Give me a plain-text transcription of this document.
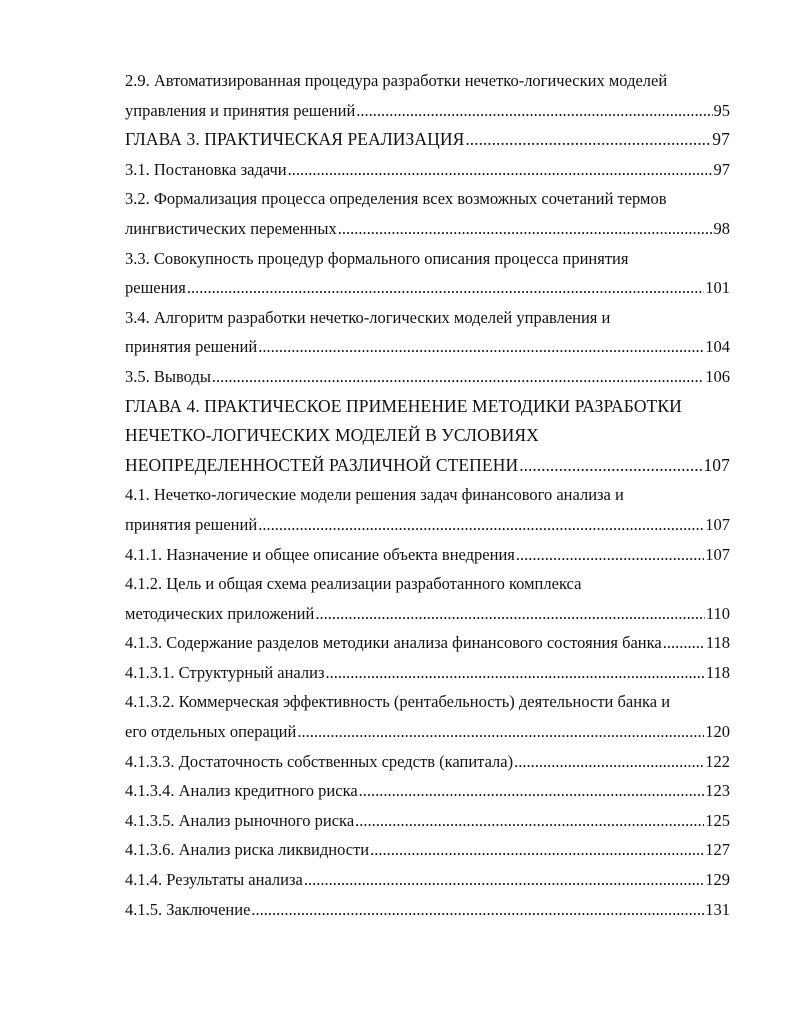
2.9. Автоматизированная процедура разработки нечетко-логических моделей
управления и принятия решений .....	95
ГЛАВА 3. ПРАКТИЧЕСКАЯ РЕАЛИЗАЦИЯ .....	97
3.1. Постановка задачи .....	97
3.2. Формализация процесса определения всех возможных сочетаний термов
лингвистических переменных .....	98
3.3. Совокупность процедур формального описания процесса принятия
решения .....	101
3.4. Алгоритм разработки нечетко-логических моделей управления и
принятия решений .....	104
3.5. Выводы .....	106
ГЛАВА 4. ПРАКТИЧЕСКОЕ ПРИМЕНЕНИЕ МЕТОДИКИ РАЗРАБОТКИ
НЕЧЕТКО-ЛОГИЧЕСКИХ МОДЕЛЕЙ В УСЛОВИЯХ
НЕОПРЕДЕЛЕННОСТЕЙ РАЗЛИЧНОЙ СТЕПЕНИ .....	107
4.1. Нечетко-логические модели решения задач финансового анализа и
принятия решений .....	107
4.1.1. Назначение и общее описание объекта внедрения .....	107
4.1.2. Цель и общая схема реализации разработанного комплекса
методических приложений .....	110
4.1.3. Содержание разделов методики анализа финансового состояния банка .....	118
4.1.3.1. Структурный анализ .....	118
4.1.3.2. Коммерческая эффективность (рентабельность) деятельности банка и
его отдельных операций .....	120
4.1.3.3. Достаточность собственных средств (капитала) .....	122
4.1.3.4. Анализ кредитного риска .....	123
4.1.3.5. Анализ рыночного риска .....	125
4.1.3.6. Анализ риска ликвидности .....	127
4.1.4. Результаты анализа .....	129
4.1.5. Заключение .....	131
